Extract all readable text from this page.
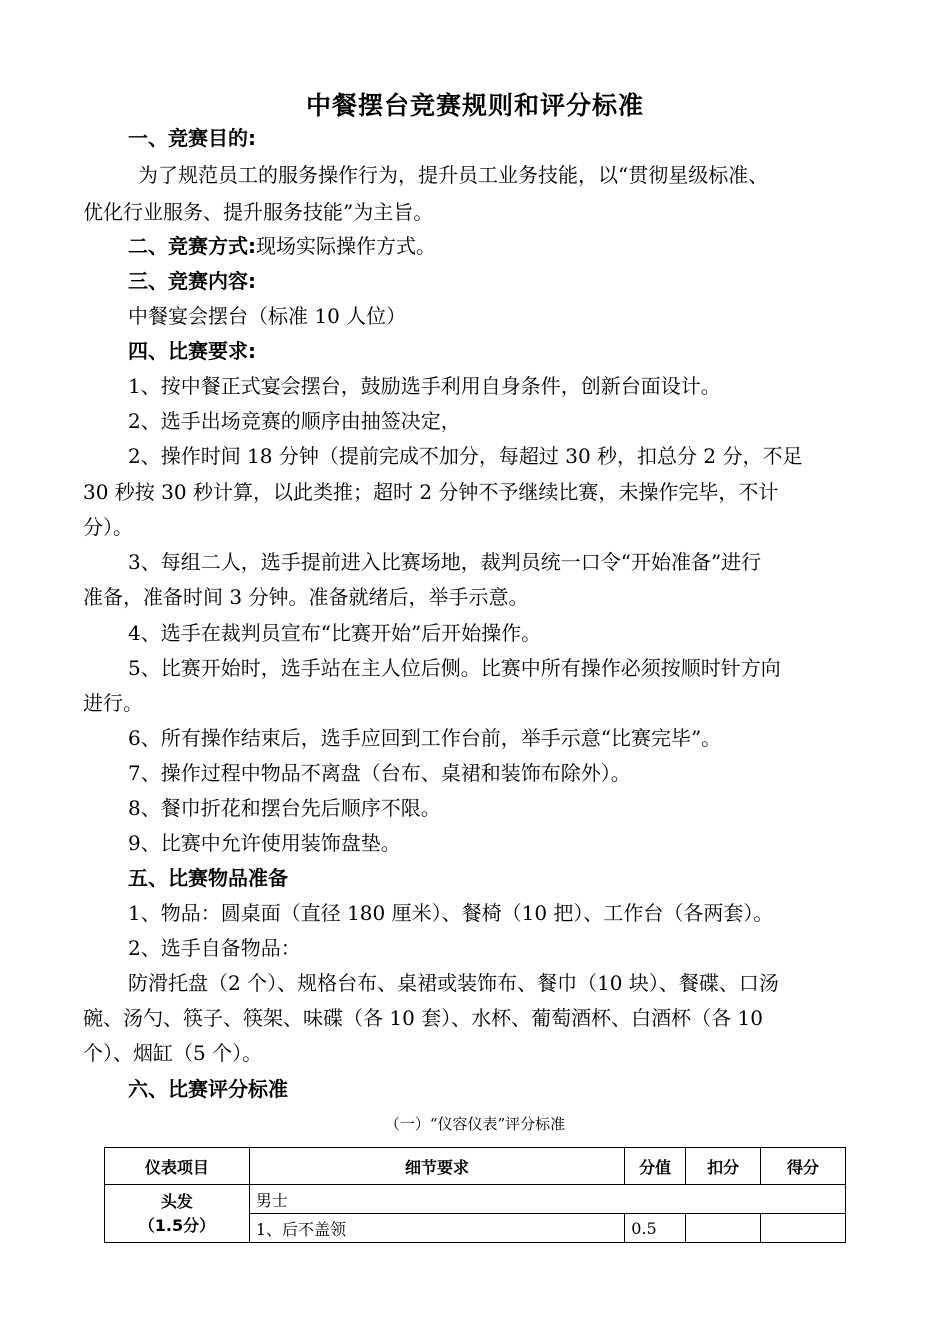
中餐摆台竞赛规则和评分标准
一、竞赛目的:
为了规范员工的服务操作行为，提升员工业务技能，以“贯彻星级标准、
优化行业服务、提升服务技能”为主旨。
二、竞赛方式:现场实际操作方式。
三、竞赛内容:
中餐宴会摆台（标准 10 人位）
四、比赛要求:
1、按中餐正式宴会摆台，鼓励选手利用自身条件，创新台面设计。
2、选手出场竞赛的顺序由抽签决定，
2、操作时间 18 分钟（提前完成不加分，每超过 30 秒，扣总分 2 分，不足
30 秒按 30 秒计算，以此类推；超时 2 分钟不予继续比赛，未操作完毕，不计
分）。
3、每组二人，选手提前进入比赛场地，裁判员统一口令“开始准备”进行
准备，准备时间 3 分钟。准备就绪后，举手示意。
4、选手在裁判员宣布“比赛开始”后开始操作。
5、比赛开始时，选手站在主人位后侧。比赛中所有操作必须按顺时针方向
进行。
6、所有操作结束后，选手应回到工作台前，举手示意“比赛完毕”。
7、操作过程中物品不离盘（台布、桌裙和装饰布除外）。
8、餐巾折花和摆台先后顺序不限。
9、比赛中允许使用装饰盘垫。
五、比赛物品准备
1、物品：圆桌面（直径 180 厘米）、餐椅（10 把）、工作台（各两套）。
2、选手自备物品：
防滑托盘（2 个）、规格台布、桌裙或装饰布、餐巾（10 块）、餐碟、口汤
碗、汤勺、筷子、筷架、味碟（各 10 套）、水杯、葡萄酒杯、白酒杯（各 10
个）、烟缸（5 个）。
六、比赛评分标准
（一）“仪容仪表”评分标准
仪表项目	细节要求	分值	扣分	得分

头发
（1.5分）	男士			
	1、后不盖领	0.5		
